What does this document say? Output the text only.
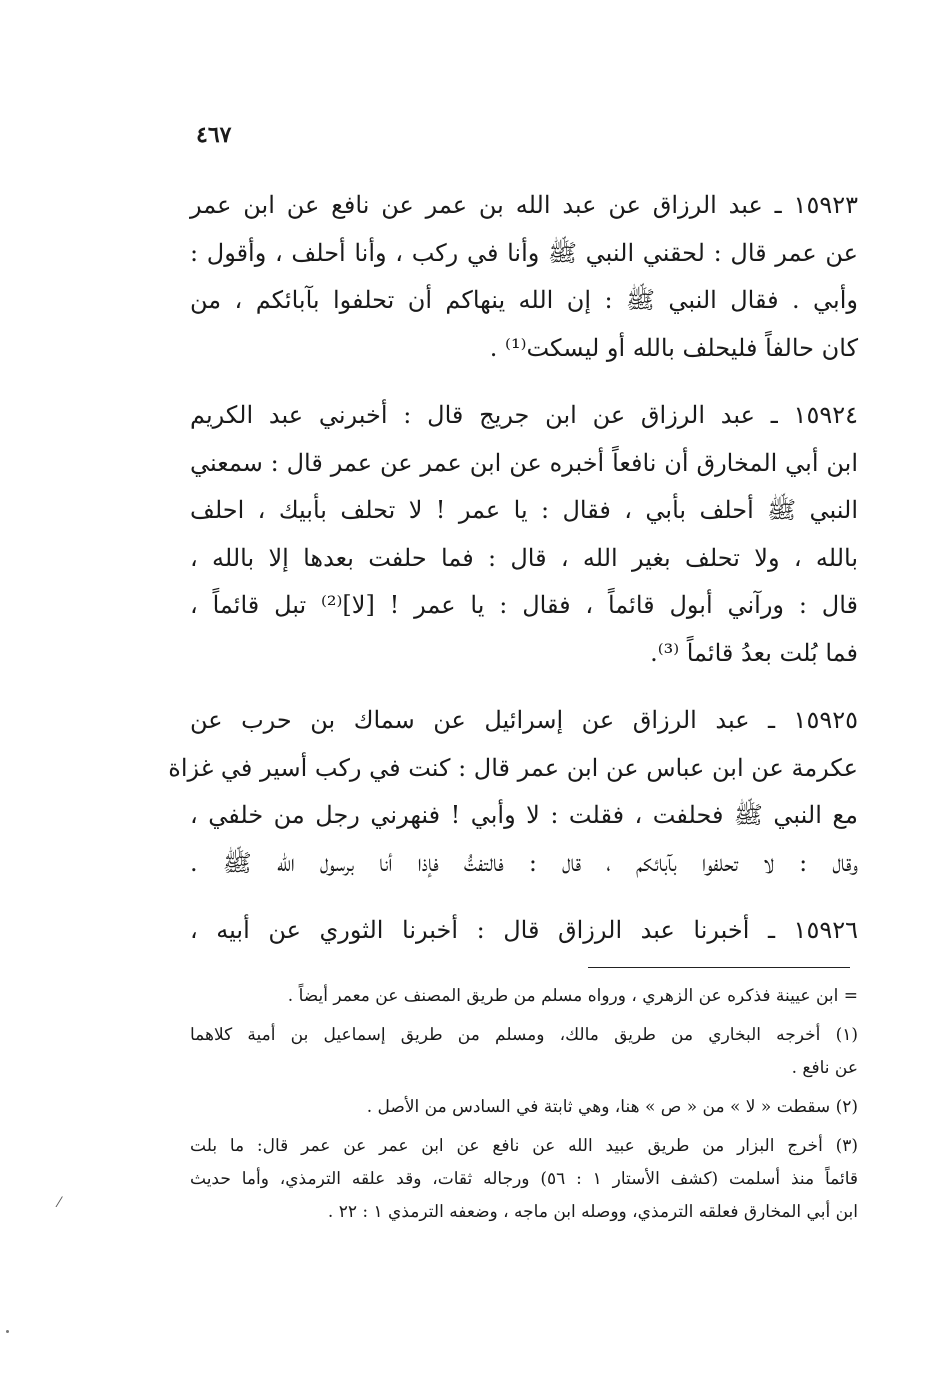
٤٦٧
١٥٩٢٣ ـ عبد الرزاق عن عبد الله بن عمر عن نافع عن ابن عمر
عن عمر قال : لحقني النبي ﷺ وأنا في ركب ، وأنا أحلف ، وأقول :
وأبي . فقال النبي ﷺ : إن الله ينهاكم أن تحلفوا بآبائكم ، من
كان حالفاً فليحلف بالله أو ليسكت⁽¹⁾ .
١٥٩٢٤ ـ عبد الرزاق عن ابن جريج قال : أخبرني عبد الكريم
ابن أبي المخارق أن نافعاً أخبره عن ابن عمر عن عمر قال : سمعني
النبي ﷺ أحلف بأبي ، فقال : يا عمر ! لا تحلف بأبيك ، احلف
بالله ، ولا تحلف بغير الله ، قال : فما حلفت بعدها إلا بالله ،
قال : ورآني أبول قائماً ، فقال : يا عمر ! [لا]⁽²⁾ تبل قائماً ،
فما بُلت بعدُ قائماً ⁽³⁾.
١٥٩٢٥ ـ عبد الرزاق عن إسرائيل عن سماك بن حرب عن
عكرمة عن ابن عباس عن ابن عمر قال : كنت في ركب أسير في غزاة
مع النبي ﷺ فحلفت ، فقلت : لا وأبي ! فنهرني رجل من خلفي ،
وقال : لا تحلفوا بآبائكم ، قال : فالتفتُّ فإذا أنا برسول الله ﷺ .
١٥٩٢٦ ـ أخبرنا عبد الرزاق قال : أخبرنا الثوري عن أبيه ،
= ابن عيينة فذكره عن الزهري ، ورواه مسلم من طريق المصنف عن معمر أيضاً .
(١) أخرجه البخاري من طريق مالك، ومسلم من طريق إسماعيل بن أمية كلاهما
عن نافع .
(٢) سقطت « لا » من « ص » هنا، وهي ثابتة في السادس من الأصل .
(٣) أخرج البزار من طريق عبيد الله عن نافع عن ابن عمر عن عمر قال: ما بلت
قائماً منذ أسلمت (كشف الأستار ١ : ٥٦) ورجاله ثقات، وقد علقه الترمذي، وأما حديث
ابن أبي المخارق فعلقه الترمذي، ووصله ابن ماجه ، وضعفه الترمذي ١ : ٢٢ .
⁄
